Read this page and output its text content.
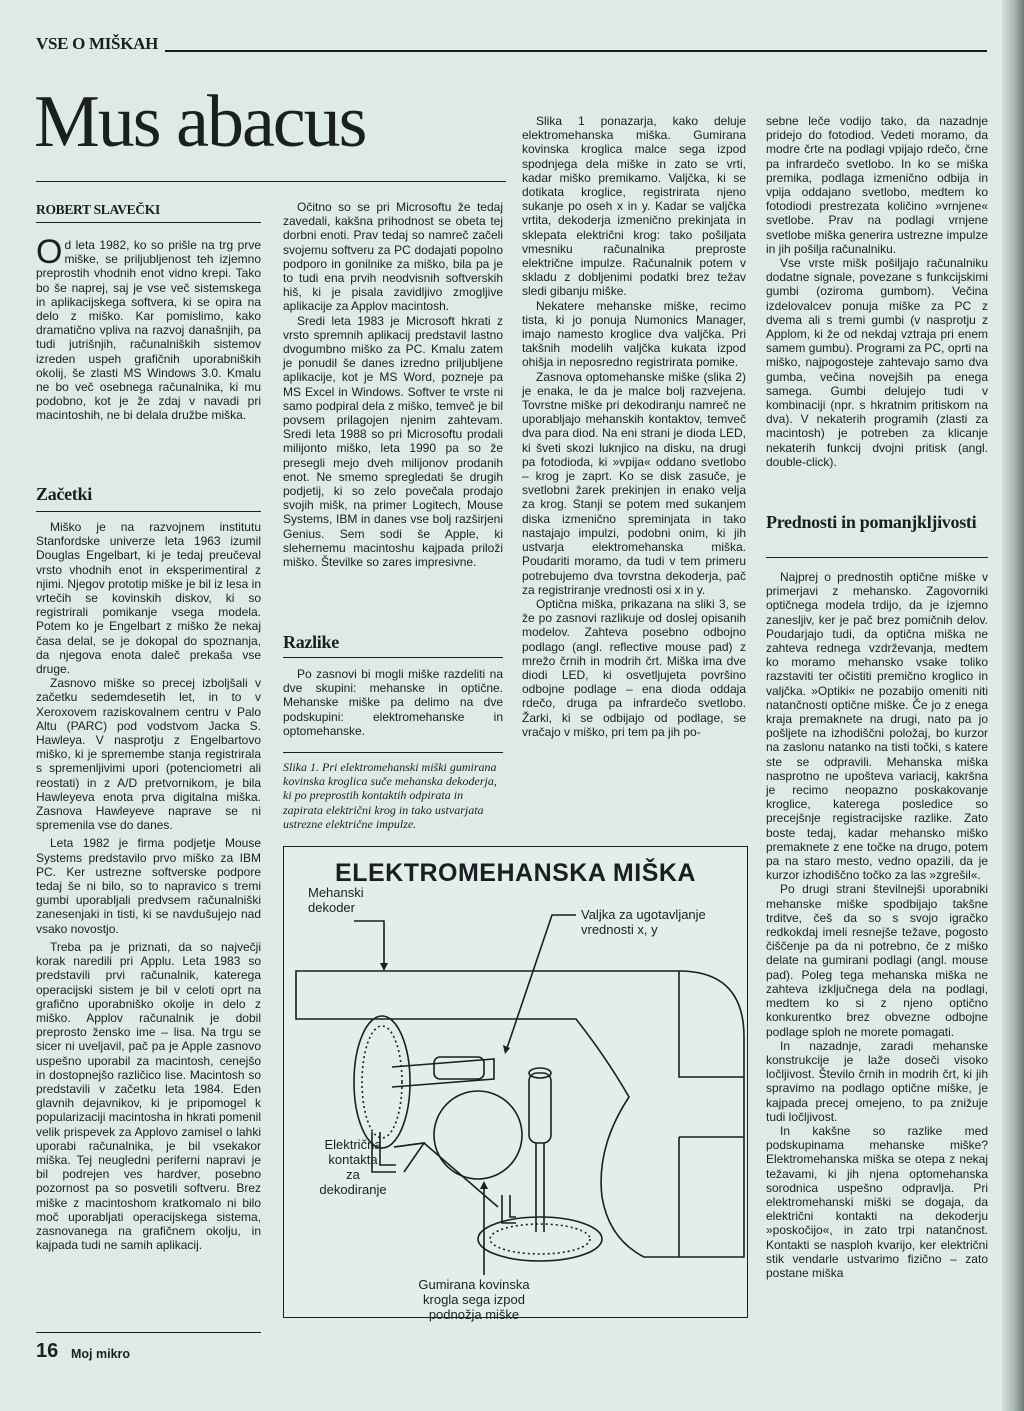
VSE O MIŠKAH
Mus abacus
ROBERT SLAVEČKI

Od leta 1982, ko so prišle na trg prve miške, se priljubljenost teh izjemno preprostih vhodnih enot vidno krepi. Tako bo še naprej, saj je vse več sistemskega in aplikacijskega softvera, ki se opira na delo z miško. Kar pomislimo, kako dramatično vpliva na razvoj današnjih, pa tudi jutrišnjih, računalniških sistemov izreden uspeh grafičnih uporabniških okolij, še zlasti MS Windows 3.0. Kmalu ne bo več osebnega računalnika, ki mu podobno, kot je že zdaj v navadi pri macintoshih, ne bi delala družbe miška.

Začetki

Miško je na razvojnem institutu Stanfordske univerze leta 1963 izumil Douglas Engelbart, ki je tedaj preučeval vrsto vhodnih enot in eksperimentiral z njimi. Njegov prototip miške je bil iz lesa in vrtečih se kovinskih diskov, ki so registrirali pomikanje vsega modela. Potem ko je Engelbart z miško že nekaj časa delal, se je dokopal do spoznanja, da njegova enota daleč prekaša vse druge.

Zasnovo miške so precej izboljšali v začetku sedemdesetih let, in to v Xeroxovem raziskovalnem centru v Palo Altu (PARC) pod vodstvom Jacka S. Hawleya. V nasprotju z Engelbartovo miško, ki je spremembe stanja registrirala s spremenljivimi upori (potenciometri ali reostati) in z A/D pretvornikom, je bila Hawleyeva enota prva digitalna miška. Zasnova Hawleyeve naprave se ni spremenila vse do danes.

Leta 1982 je firma podjetje Mouse Systems predstavilo prvo miško za IBM PC. Ker ustrezne softverske podpore tedaj še ni bilo, so to napravico s tremi gumbi uporabljali predvsem računalniški zanesenjaki in tisti, ki se navdušujejo nad vsako novostjo.

Treba pa je priznati, da so največji korak naredili pri Applu. Leta 1983 so predstavili prvi računalnik, katerega operacijski sistem je bil v celoti oprt na grafično uporabniško okolje in delo z miško. Applov računalnik je dobil preprosto žensko ime – lisa. Na trgu se sicer ni uveljavil, pač pa je Apple zasnovo uspešno uporabil za macintosh, cenejšo in dostopnejšo različico lise. Macintosh so predstavili v začetku leta 1984. Eden glavnih dejavnikov, ki je pripomogel k popularizaciji macintosha in hkrati pomenil velik prispevek za Applovo zamisel o lahki uporabi računalnika, je bil vsekakor miška. Tej neugledni periferni napravi je bil podrejen ves hardver, posebno pozornost pa so posvetili softveru. Brez miške z macintoshom kratkomalo ni bilo moč uporabljati operacijskega sistema, zasnovanega na grafičnem okolju, in kajpada tudi ne samih aplikacij.

Očitno so se pri Microsoftu že tedaj zavedali, kakšna prihodnost se obeta tej dorbni enoti. Prav tedaj so namreč začeli svojemu softveru za PC dodajati popolno podporo in gonilnike za miško, bila pa je to tudi ena prvih neodvisnih softverskih hiš, ki je pisala zavidljivo zmogljive aplikacije za Applov macintosh.

Sredi leta 1983 je Microsoft hkrati z vrsto spremnih aplikacij predstavil lastno dvogumbno miško za PC. Kmalu zatem je ponudil še danes izredno priljubljene aplikacije, kot je MS Word, pozneje pa MS Excel in Windows. Softver te vrste ni samo podpiral dela z miško, temveč je bil povsem prilagojen njenim zahtevam. Sredi leta 1988 so pri Microsoftu prodali milijonto miško, leta 1990 pa so že presegli mejo dveh milijonov prodanih enot. Ne smemo spregledati še drugih podjetij, ki so zelo povečala prodajo svojih mišk, na primer Logitech, Mouse Systems, IBM in danes vse bolj razširjeni Genius. Sem sodi še Apple, ki slehernemu macintoshu kajpada priloži miško. Številke so zares impresivne.

Razlike

Po zasnovi bi mogli miške razdeliti na dve skupini: mehanske in optične. Mehanske miške pa delimo na dve podskupini: elektromehanske in optomehanske.

Slika 1. Pri elektromehanski miški gumirana kovinska kroglica suče mehanska dekoderja, ki po preprostih kontaktih odpirata in zapirata električni krog in tako ustvarjata ustrezne električne impulze.

Slika 1 ponazarja, kako deluje elektromehanska miška. Gumirana kovinska kroglica malce sega izpod spodnjega dela miške in zato se vrti, kadar miško premikamo. Valjčka, ki se dotikata kroglice, registrirata njeno sukanje po oseh x in y. Kadar se valjčka vrtita, dekoderja izmenično prekinjata in sklepata električni krog: tako pošiljata vmesniku računalnika preproste električne impulze. Računalnik potem v skladu z dobljenimi podatki brez težav sledi gibanju miške.

Nekatere mehanske miške, recimo tista, ki jo ponuja Numonics Manager, imajo namesto kroglice dva valjčka. Pri takšnih modelih valjčka kukata izpod ohišja in neposredno registrirata pomike.

Zasnova optomehanske miške (slika 2) je enaka, le da je malce bolj razvejena. Tovrstne miške pri dekodiranju namreč ne uporabljajo mehanskih kontaktov, temveč dva para diod. Na eni strani je dioda LED, ki šveti skozi luknjico na disku, na drugi pa fotodioda, ki »vpija« oddano svetlobo – krog je zaprt. Ko se disk zasuče, je svetlobni žarek prekinjen in enako velja za krog. Stanji se potem med sukanjem diska izmenično spreminjata in tako nastajajo impulzi, podobni onim, ki jih ustvarja elektromehanska miška. Poudariti moramo, da tudi v tem primeru potrebujemo dva tovrstna dekoderja, pač za registriranje vrednosti osi x in y.

Optična miška, prikazana na sliki 3, se že po zasnovi razlikuje od doslej opisanih modelov. Zahteva posebno odbojno podlago (angl. reflective mouse pad) z mrežo črnih in modrih črt. Miška ima dve diodi LED, ki osvetljujeta površino odbojne podlage – ena dioda oddaja rdečo, druga pa infrardečo svetlobo. Žarki, ki se odbijajo od podlage, se vračajo v miško, pri tem pa jih po-

sebne leče vodijo tako, da nazadnje pridejo do fotodiod. Vedeti moramo, da modre črte na podlagi vpijajo rdečo, črne pa infrardečo svetlobo. In ko se miška premika, podlaga izmenično odbija in vpija oddajano svetlobo, medtem ko fotodiodi prestrezata količino »vrnjene« svetlobe. Prav na podlagi vrnjene svetlobe miška generira ustrezne impulze in jih pošilja računalniku.

Vse vrste mišk pošiljajo računalniku dodatne signale, povezane s funkcijskimi gumbi (oziroma gumbom). Večina izdelovalcev ponuja miške za PC z dvema ali s tremi gumbi (v nasprotju z Applom, ki že od nekdaj vztraja pri enem samem gumbu). Programi za PC, oprti na miško, najpogosteje zahtevajo samo dva gumba, večina novejših pa enega samega. Gumbi delujejo tudi v kombinaciji (npr. s hkratnim pritiskom na dva). V nekaterih programih (zlasti za macintosh) je potreben za klicanje nekaterih funkcij dvojni pritisk (angl. double-click).

Prednosti in pomanjkljivosti

Najprej o prednostih optične miške v primerjavi z mehansko. Zagovorniki optičnega modela trdijo, da je izjemno zanesljiv, ker je pač brez pomičnih delov. Poudarjajo tudi, da optična miška ne zahteva rednega vzdrževanja, medtem ko moramo mehansko vsake toliko razstaviti ter očistiti premično kroglico in valjčka. »Optiki« ne pozabijo omeniti niti natančnosti optične miške. Če jo z enega kraja premaknete na drugi, nato pa jo pošljete na izhodiščni položaj, bo kurzor na zaslonu natanko na tisti točki, s katere ste se odpravili. Mehanska miška nasprotno ne upošteva variacij, kakršna je recimo neopazno poskakovanje kroglice, katerega posledice so precejšnje registracijske razlike. Zato boste tedaj, kadar mehansko miško premaknete z ene točke na drugo, potem pa na staro mesto, vedno opazili, da je kurzor izhodiščno točko za las »zgrešil«.

Po drugi strani številnejši uporabniki mehanske miške spodbijajo takšne trditve, češ da so s svojo igračko redkokdaj imeli resnejše težave, pogosto čiščenje pa da ni potrebno, če z miško delate na gumirani podlagi (angl. mouse pad). Poleg tega mehanska miška ne zahteva izključnega dela na podlagi, medtem ko si z njeno optično konkurentko brez obvezne odbojne podlage sploh ne morete pomagati.

In nazadnje, zaradi mehanske konstrukcije je laže doseči visoko ločljivost. Število črnih in modrih črt, ki jih spravimo na podlago optične miške, je kajpada precej omejeno, to pa znižuje tudi ločljivost.

In kakšne so razlike med podskupinama mehanske miške? Elektromehanska miška se otepa z nekaj težavami, ki jih njena optomehanska sorodnica uspešno odpravlja. Pri elektromehanski miški se dogaja, da električni kontakti na dekoderju »poskočijo«, in zato trpi natančnost. Kontakti se nasploh kvarijo, ker električni stik vendarle ustvarimo fizično – zato postane miška

ELEKTROMEHANSKA MIŠKA
Mehanski
dekoder	Valjka za ugotavljanje
vrednosti x, y
Električna
kontakta
za
dekodiranje
Gumirana kovinska
krogla sega izpod
podnožja miške
16 Moj mikro
